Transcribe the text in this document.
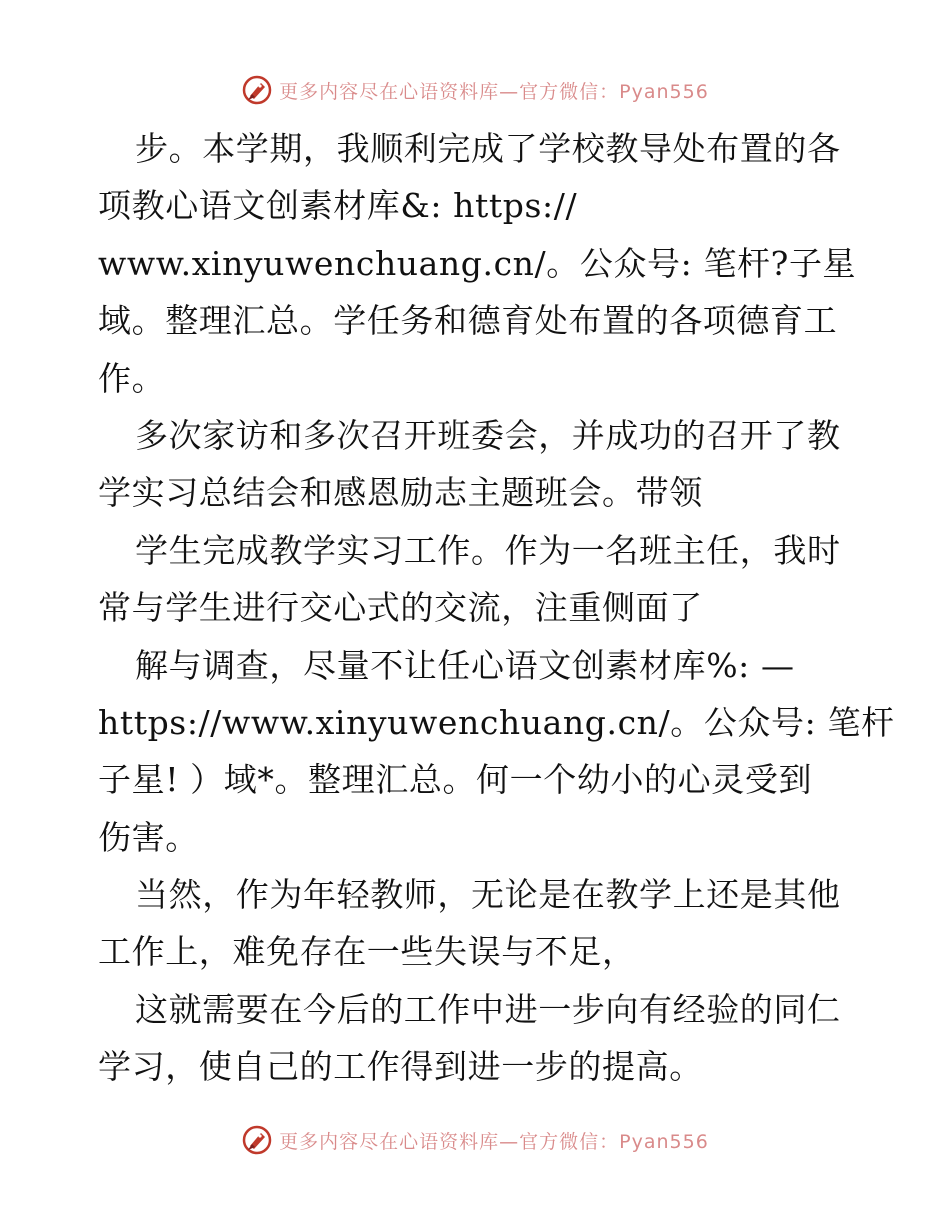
更多内容尽在心语资料库—官方微信：Pyan556
步。本学期，我顺利完成了学校教导处布置的各
项教心语文创素材库&: https://
www.xinyuwenchuang.cn/。公众号: 笔杆?子星
域。整理汇总。学任务和德育处布置的各项德育工
作。
多次家访和多次召开班委会，并成功的召开了教
学实习总结会和感恩励志主题班会。带领
学生完成教学实习工作。作为一名班主任，我时
常与学生进行交心式的交流，注重侧面了
解与调查，尽量不让任心语文创素材库%: —
https://www.xinyuwenchuang.cn/。公众号: 笔杆
子星! ）域*。整理汇总。何一个幼小的心灵受到
伤害。
当然，作为年轻教师，无论是在教学上还是其他
工作上，难免存在一些失误与不足，
这就需要在今后的工作中进一步向有经验的同仁
学习，使自己的工作得到进一步的提高。
更多内容尽在心语资料库—官方微信：Pyan556
